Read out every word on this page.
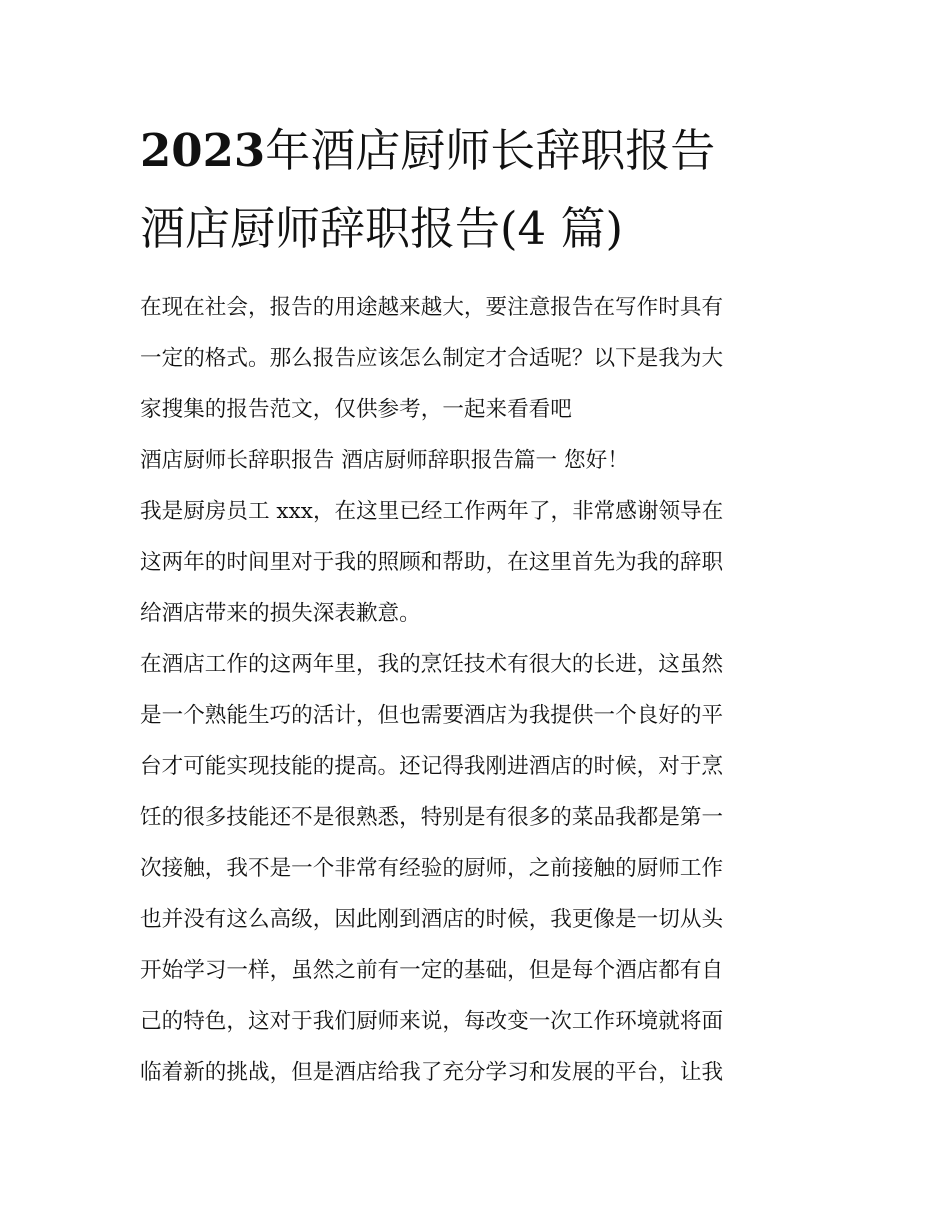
2023年酒店厨师长辞职报告
酒店厨师辞职报告(4 篇)
在现在社会，报告的用途越来越大，要注意报告在写作时具有
一定的格式。那么报告应该怎么制定才合适呢？以下是我为大
家搜集的报告范文，仅供参考，一起来看看吧
酒店厨师长辞职报告 酒店厨师辞职报告篇一 您好！
我是厨房员工 xxx，在这里已经工作两年了，非常感谢领导在
这两年的时间里对于我的照顾和帮助，在这里首先为我的辞职
给酒店带来的损失深表歉意。
在酒店工作的这两年里，我的烹饪技术有很大的长进，这虽然
是一个熟能生巧的活计，但也需要酒店为我提供一个良好的平
台才可能实现技能的提高。还记得我刚进酒店的时候，对于烹
饪的很多技能还不是很熟悉，特别是有很多的菜品我都是第一
次接触，我不是一个非常有经验的厨师，之前接触的厨师工作
也并没有这么高级，因此刚到酒店的时候，我更像是一切从头
开始学习一样，虽然之前有一定的基础，但是每个酒店都有自
己的特色，这对于我们厨师来说，每改变一次工作环境就将面
临着新的挑战，但是酒店给我了充分学习和发展的平台，让我
